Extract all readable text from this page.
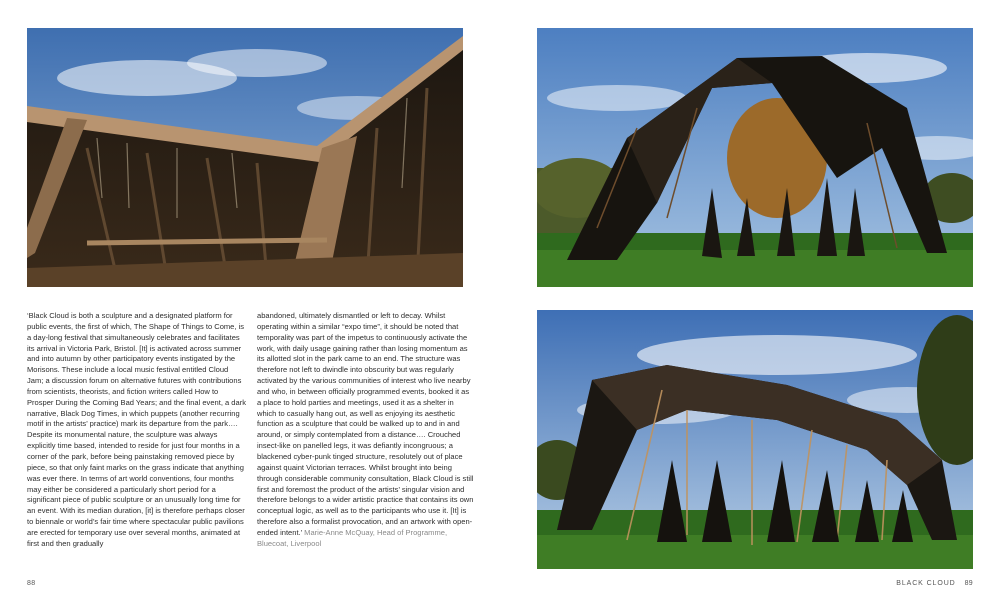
‘Black Cloud is both a sculpture and a designated platform for public events, the first of which, The Shape of Things to Come, is a day-long festival that simultaneously celebrates and facilitates its arrival in Victoria Park, Bristol. [It] is activated across summer and into autumn by other participatory events instigated by the Morisons. These include a local music festival entitled Cloud Jam; a discussion forum on alternative futures with contributions from scientists, theorists, and fiction writers called How to Prosper During the Coming Bad Years; and the final event, a dark narrative, Black Dog Times, in which puppets (another recurring motif in the artists’ practice) mark its departure from the park…. Despite its monumental nature, the sculpture was always explicitly time based, intended to reside for just four months in a corner of the park, before being painstaking removed piece by piece, so that only faint marks on the grass indicate that anything was ever there. In terms of art world conventions, four months may either be considered a particularly short period for a significant piece of public sculpture or an unusually long time for an event. With its median duration, [it] is therefore perhaps closer to biennale or world’s fair time where spectacular public pavilions are erected for temporary use over several months, animated at first and then gradually

abandoned, ultimately dismantled or left to decay. Whilst operating within a similar “expo time”, it should be noted that temporality was part of the impetus to continuously activate the work, with daily usage gaining rather than losing momentum as its allotted slot in the park came to an end. The structure was therefore not left to dwindle into obscurity but was regularly activated by the various communities of interest who live nearby and who, in between officially programmed events, booked it as a place to hold parties and meetings, used it as a shelter in which to casually hang out, as well as enjoying its aesthetic function as a sculpture that could be walked up to and in and around, or simply contemplated from a distance…. Crouched insect-like on panelled legs, it was defiantly incongruous; a blackened cyber-punk tinged structure, resolutely out of place against quaint Victorian terraces. Whilst brought into being through considerable community consultation, Black Cloud is still first and foremost the product of the artists’ singular vision and therefore belongs to a wider artistic practice that contains its own conceptual logic, as well as to the participants who use it. [It] is therefore also a formalist provocation, and an artwork with open-ended intent.’ Marie-Anne McQuay, Head of Programme, Bluecoat, Liverpool

88	BLACK CLOUD 89
